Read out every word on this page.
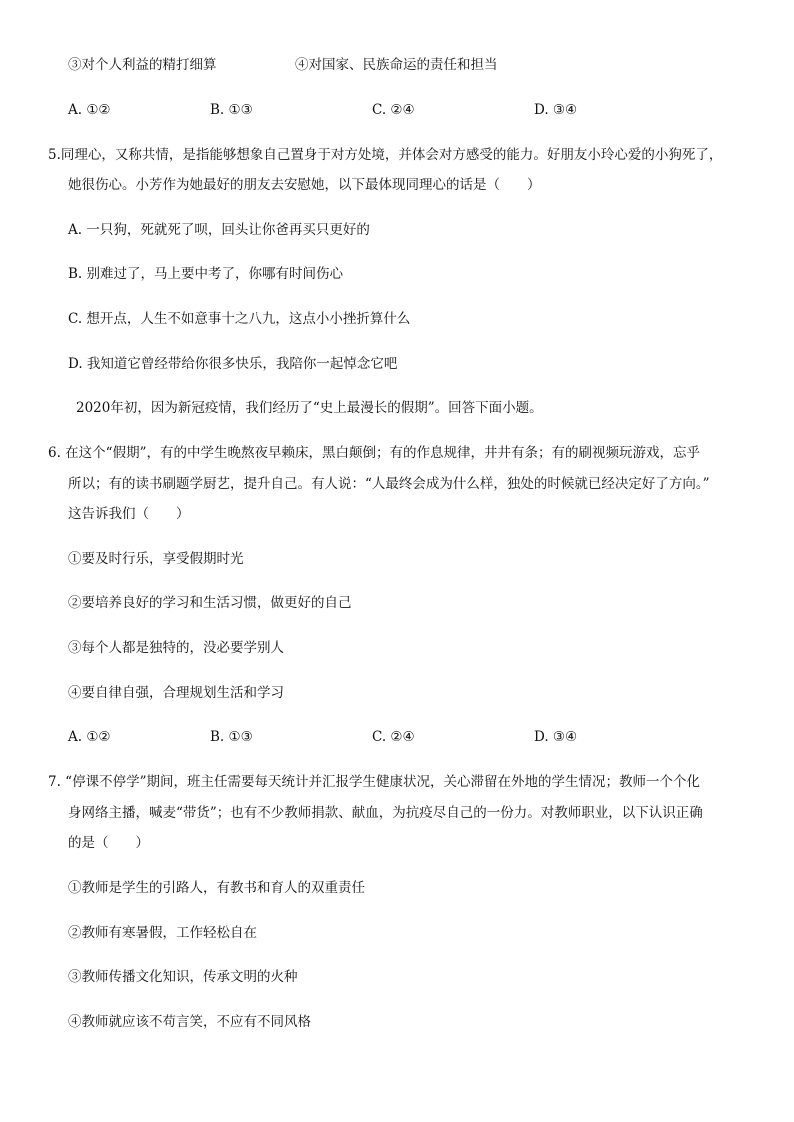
③对个人利益的精打细算	④对国家、民族命运的责任和担当
A. ①②	B. ①③	C. ②④	D. ③④
5.同理心，又称共情，是指能够想象自己置身于对方处境，并体会对方感受的能力。好朋友小玲心爱的小狗死了，
她很伤心。小芳作为她最好的朋友去安慰她，以下最体现同理心的话是（　　）
A. 一只狗，死就死了呗，回头让你爸再买只更好的
B. 别难过了，马上要中考了，你哪有时间伤心
C. 想开点，人生不如意事十之八九，这点小小挫折算什么
D. 我知道它曾经带给你很多快乐，我陪你一起悼念它吧
2020年初，因为新冠疫情，我们经历了“史上最漫长的假期”。回答下面小题。
6. 在这个“假期”，有的中学生晚熬夜早赖床，黑白颠倒；有的作息规律，井井有条；有的刷视频玩游戏，忘乎
所以；有的读书刷题学厨艺，提升自己。有人说：“人最终会成为什么样，独处的时候就已经决定好了方向。”
这告诉我们（　　）
①要及时行乐，享受假期时光
②要培养良好的学习和生活习惯，做更好的自己
③每个人都是独特的，没必要学别人
④要自律自强，合理规划生活和学习
A. ①②	B. ①③	C. ②④	D. ③④
7. “停课不停学”期间，班主任需要每天统计并汇报学生健康状况，关心滞留在外地的学生情况；教师一个个化
身网络主播，喊麦“带货”；也有不少教师捐款、献血，为抗疫尽自己的一份力。对教师职业，以下认识正确
的是（　　）
①教师是学生的引路人，有教书和育人的双重责任
②教师有寒暑假，工作轻松自在
③教师传播文化知识，传承文明的火种
④教师就应该不苟言笑，不应有不同风格
